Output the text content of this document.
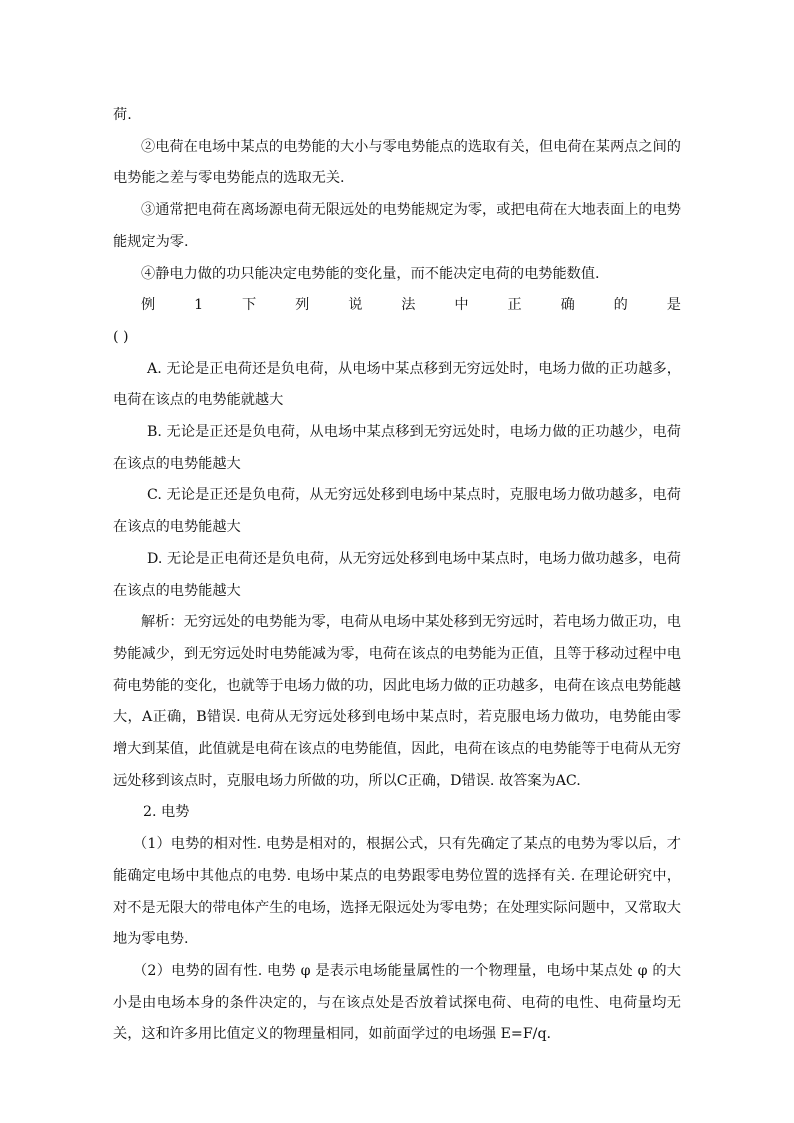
荷.

②电荷在电场中某点的电势能的大小与零电势能点的选取有关，但电荷在某两点之间的电势能之差与零电势能点的选取无关.

③通常把电荷在离场源电荷无限远处的电势能规定为零，或把电荷在大地表面上的电势能规定为零.

④静电力做的功只能决定电势能的变化量，而不能决定电荷的电势能数值.

例	1	下	列	说	法	中	正	确	的	是

( )

A. 无论是正电荷还是负电荷，从电场中某点移到无穷远处时，电场力做的正功越多，电荷在该点的电势能就越大

B. 无论是正还是负电荷，从电场中某点移到无穷远处时，电场力做的正功越少，电荷在该点的电势能越大

C. 无论是正还是负电荷，从无穷远处移到电场中某点时，克服电场力做功越多，电荷在该点的电势能越大

D. 无论是正电荷还是负电荷，从无穷远处移到电场中某点时，电场力做功越多，电荷在该点的电势能越大

解析：无穷远处的电势能为零，电荷从电场中某处移到无穷远时，若电场力做正功，电势能减少，到无穷远处时电势能减为零，电荷在该点的电势能为正值，且等于移动过程中电荷电势能的变化，也就等于电场力做的功，因此电场力做的正功越多，电荷在该点电势能越大，A正确，B错误. 电荷从无穷远处移到电场中某点时，若克服电场力做功，电势能由零增大到某值，此值就是电荷在该点的电势能值，因此，电荷在该点的电势能等于电荷从无穷远处移到该点时，克服电场力所做的功，所以C正确，D错误. 故答案为AC.

2. 电势

（1）电势的相对性. 电势是相对的，根据公式，只有先确定了某点的电势为零以后，才能确定电场中其他点的电势. 电场中某点的电势跟零电势位置的选择有关. 在理论研究中，对不是无限大的带电体产生的电场，选择无限远处为零电势；在处理实际问题中，又常取大地为零电势.

（2）电势的固有性. 电势 φ 是表示电场能量属性的一个物理量，电场中某点处 φ 的大小是由电场本身的条件决定的，与在该点处是否放着试探电荷、电荷的电性、电荷量均无关，这和许多用比值定义的物理量相同，如前面学过的电场强 E=F/q.
